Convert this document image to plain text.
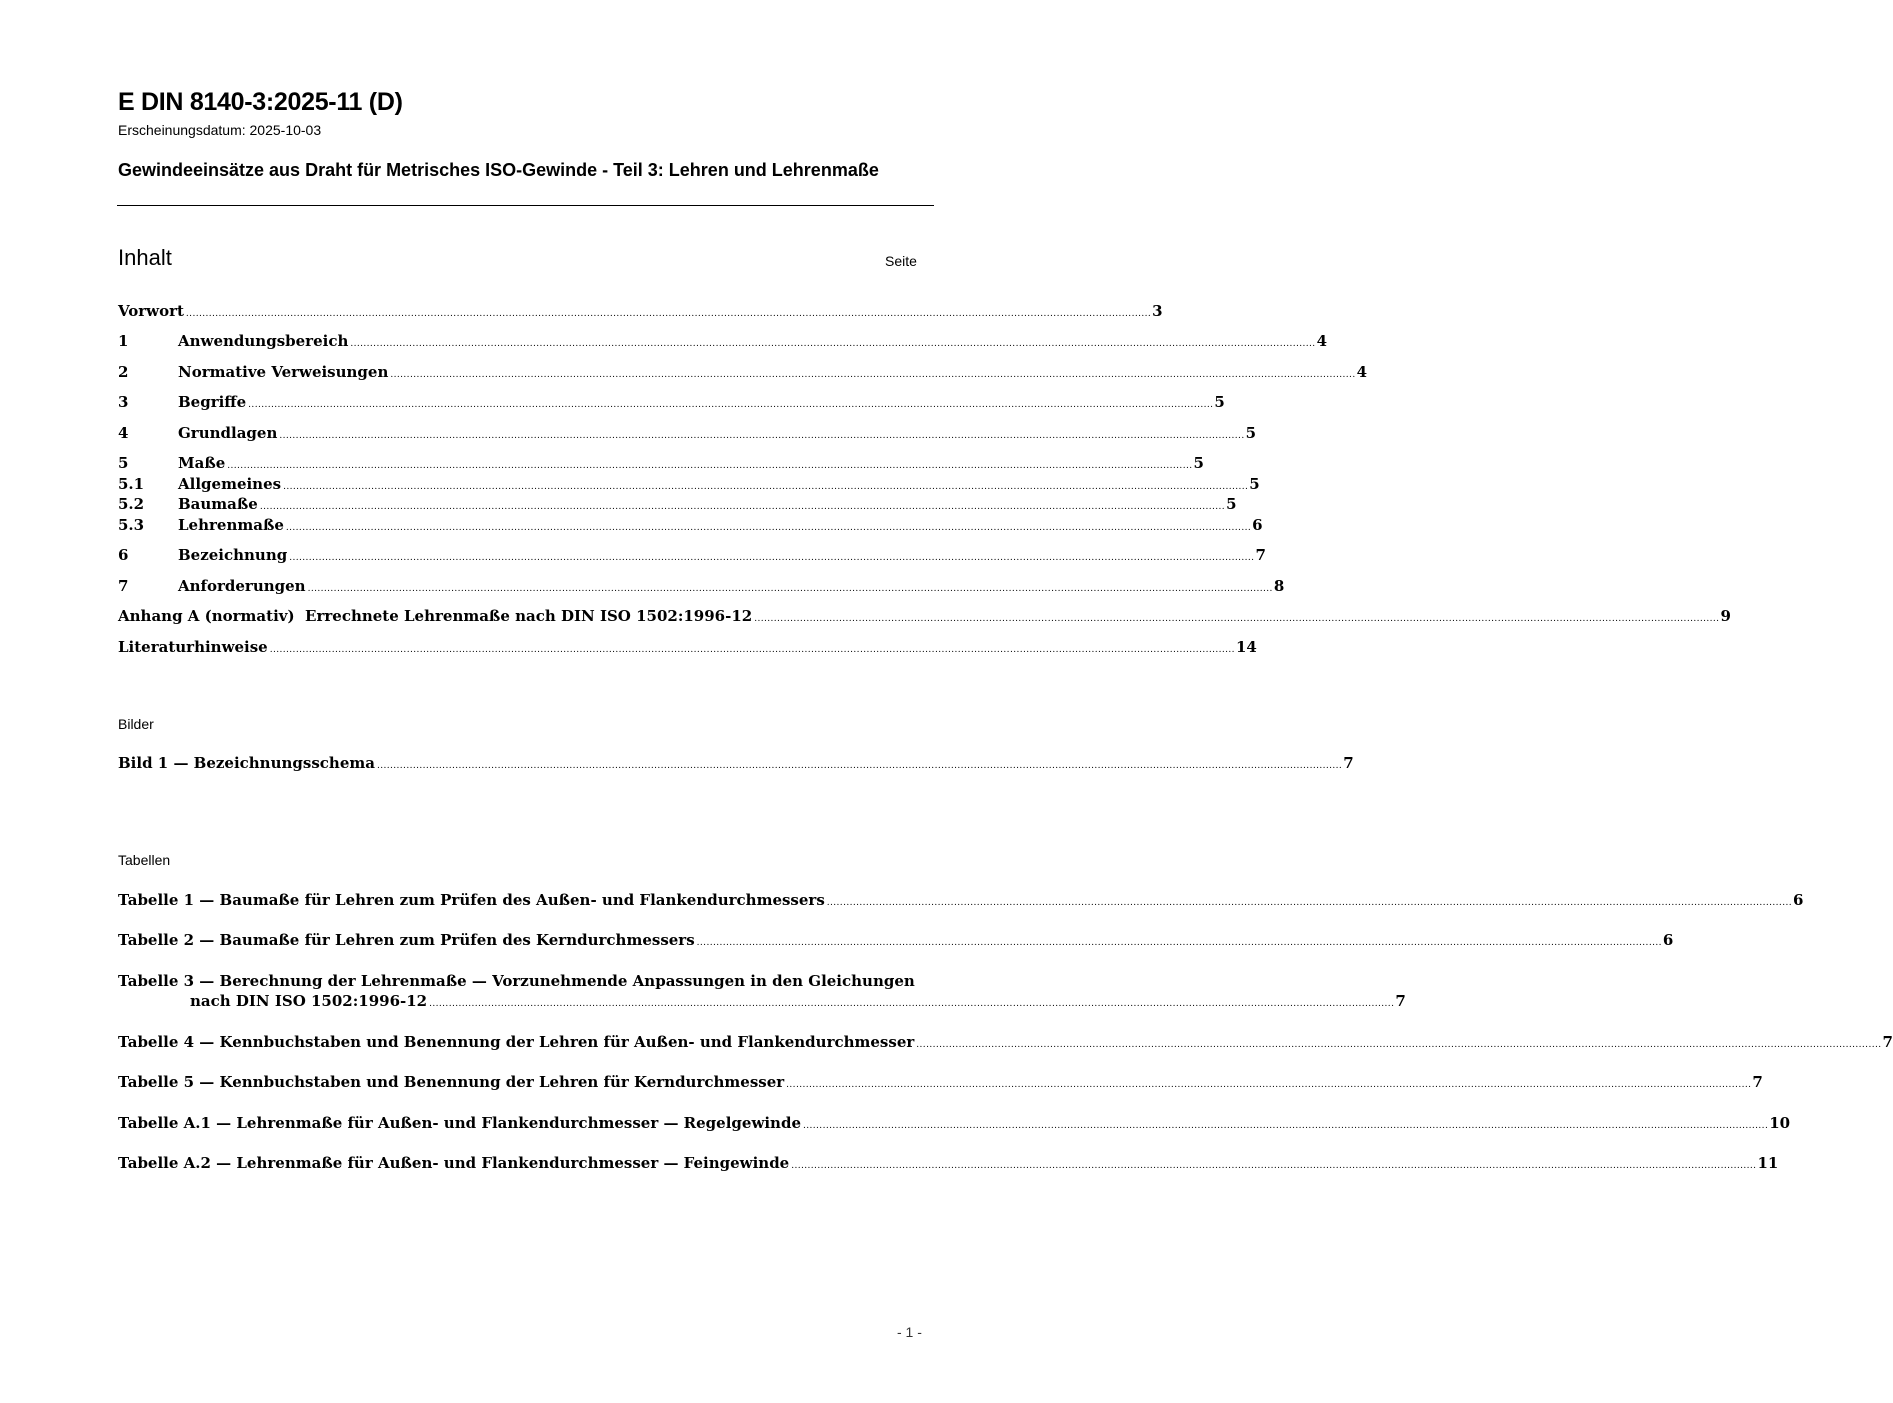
E DIN 8140-3:2025-11 (D)
Erscheinungsdatum: 2025-10-03
Gewindeeinsätze aus Draht für Metrisches ISO-Gewinde - Teil 3: Lehren und Lehrenmaße
Inhalt	Seite
Vorwort .....	3
1	Anwendungsbereich .....	4
2	Normative Verweisungen .....	4
3	Begriffe .....	5
4	Grundlagen .....	5
5	Maße .....	5
5.1	Allgemeines .....	5
5.2	Baumaße .....	5
5.3	Lehrenmaße .....	6
6	Bezeichnung .....	7
7	Anforderungen .....	8
Anhang A (normativ)  Errechnete Lehrenmaße nach DIN ISO 1502:1996-12 .....	9
Literaturhinweise .....	14
Bilder
Bild 1 — Bezeichnungsschema .....	7
Tabellen
Tabelle 1 — Baumaße für Lehren zum Prüfen des Außen- und Flankendurchmessers .....	6
Tabelle 2 — Baumaße für Lehren zum Prüfen des Kerndurchmessers .....	6
Tabelle 3 — Berechnung der Lehrenmaße — Vorzunehmende Anpassungen in den Gleichungen
nach DIN ISO 1502:1996-12 .....	7
Tabelle 4 — Kennbuchstaben und Benennung der Lehren für Außen- und Flankendurchmesser .....	7
Tabelle 5 — Kennbuchstaben und Benennung der Lehren für Kerndurchmesser .....	7
Tabelle A.1 — Lehrenmaße für Außen- und Flankendurchmesser — Regelgewinde .....	10
Tabelle A.2 — Lehrenmaße für Außen- und Flankendurchmesser — Feingewinde .....	11
- 1 -
